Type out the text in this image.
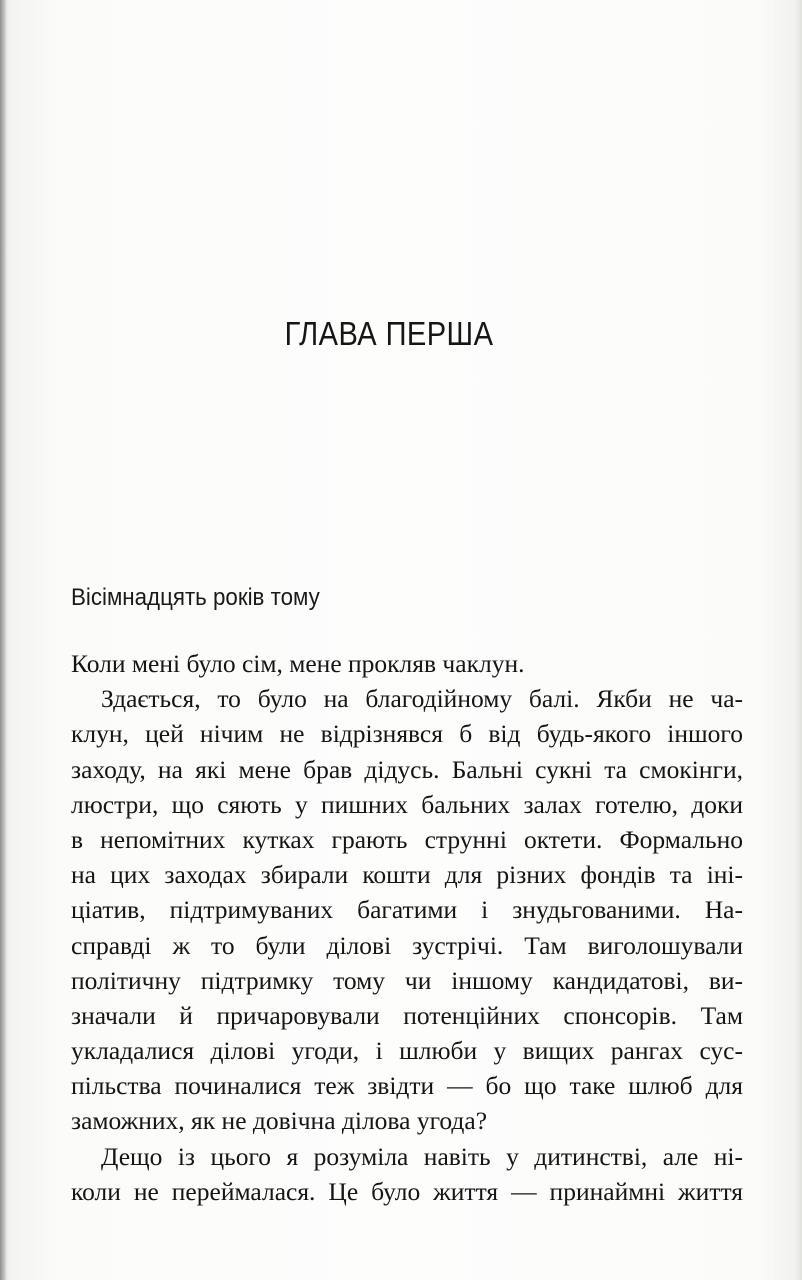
ГЛАВА ПЕРША
Вісімнадцять років тому
Коли мені було сім, мене прокляв чаклун.
Здається, то було на благодійному балі. Якби не ча-
клун, цей нічим не відрізнявся б від будь-якого іншого
заходу, на які мене брав дідусь. Бальні сукні та смокінги,
люстри, що сяють у пишних бальних залах готелю, доки
в непомітних кутках грають струнні октети. Формально
на цих заходах збирали кошти для різних фондів та іні-
ціатив, підтримуваних багатими і знудьгованими. На-
справді ж то були ділові зустрічі. Там виголошували
політичну підтримку тому чи іншому кандидатові, ви-
значали й причаровували потенційних спонсорів. Там
укладалися ділові угоди, і шлюби у вищих рангах сус-
пільства починалися теж звідти — бо що таке шлюб для
заможних, як не довічна ділова угода?
Дещо із цього я розуміла навіть у дитинстві, але ні-
коли не переймалася. Це було життя — принаймні життя
